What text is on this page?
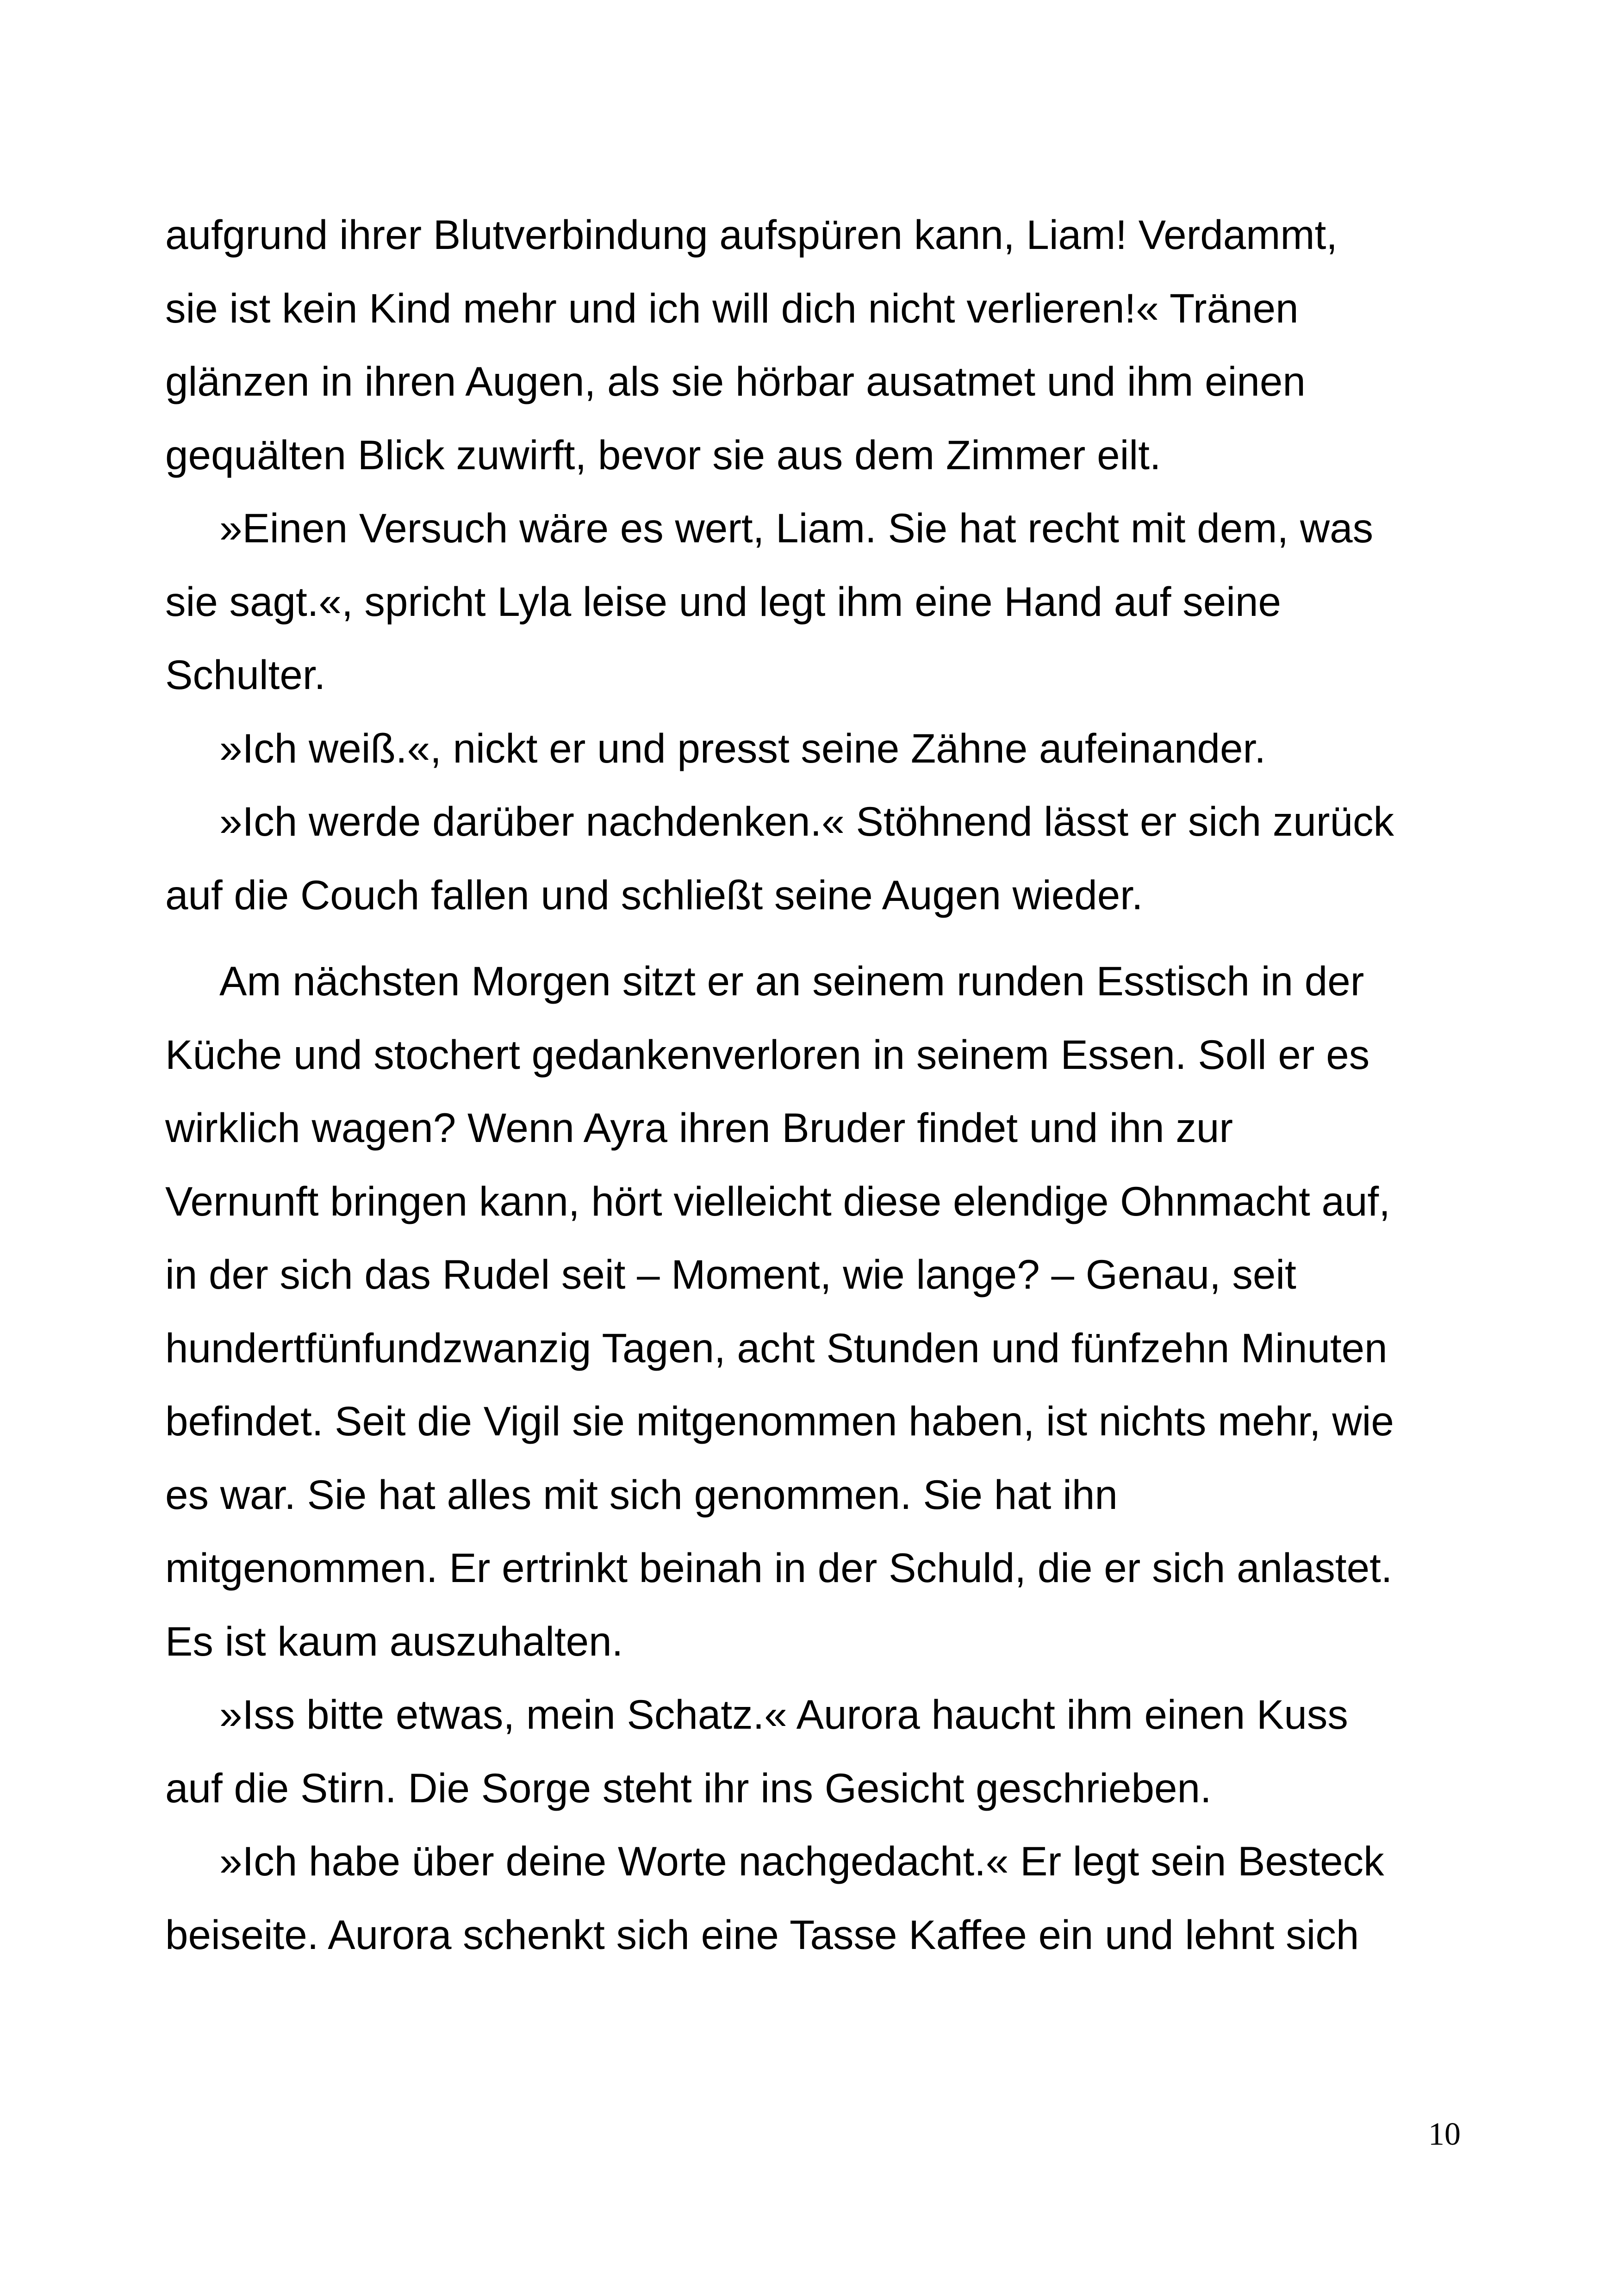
aufgrund ihrer Blutverbindung aufspüren kann, Liam! Verdammt,
sie ist kein Kind mehr und ich will dich nicht verlieren!« Tränen
glänzen in ihren Augen, als sie hörbar ausatmet und ihm einen
gequälten Blick zuwirft, bevor sie aus dem Zimmer eilt.
»Einen Versuch wäre es wert, Liam. Sie hat recht mit dem, was
sie sagt.«, spricht Lyla leise und legt ihm eine Hand auf seine
Schulter.
»Ich weiß.«, nickt er und presst seine Zähne aufeinander.
»Ich werde darüber nachdenken.« Stöhnend lässt er sich zurück
auf die Couch fallen und schließt seine Augen wieder.
Am nächsten Morgen sitzt er an seinem runden Esstisch in der
Küche und stochert gedankenverloren in seinem Essen. Soll er es
wirklich wagen? Wenn Ayra ihren Bruder findet und ihn zur
Vernunft bringen kann, hört vielleicht diese elendige Ohnmacht auf,
in der sich das Rudel seit – Moment, wie lange? – Genau, seit
hundertfünfundzwanzig Tagen, acht Stunden und fünfzehn Minuten
befindet. Seit die Vigil sie mitgenommen haben, ist nichts mehr, wie
es war. Sie hat alles mit sich genommen. Sie hat ihn
mitgenommen. Er ertrinkt beinah in der Schuld, die er sich anlastet.
Es ist kaum auszuhalten.
»Iss bitte etwas, mein Schatz.« Aurora haucht ihm einen Kuss
auf die Stirn. Die Sorge steht ihr ins Gesicht geschrieben.
»Ich habe über deine Worte nachgedacht.« Er legt sein Besteck
beiseite. Aurora schenkt sich eine Tasse Kaffee ein und lehnt sich
10
